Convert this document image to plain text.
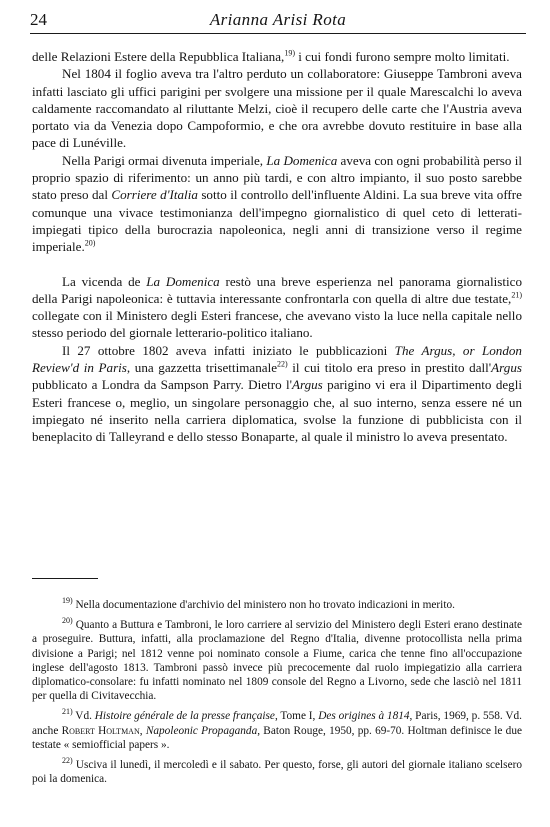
24	Arianna Arisi Rota

delle Relazioni Estere della Repubblica Italiana,$^{19)}$ i cui fondi furono sempre molto limitati.

Nel 1804 il foglio aveva tra l'altro perduto un collaboratore: Giuseppe Tambroni aveva infatti lasciato gli uffici parigini per svolgere una missione per il quale Marescalchi lo aveva caldamente raccomandato al riluttante Melzi, cioè il recupero delle carte che l'Austria aveva portato via da Venezia dopo Campoformio, e che ora avrebbe dovuto restituire in base alla pace di Lunéville.

Nella Parigi ormai divenuta imperiale, La Domenica aveva con ogni probabilità perso il proprio spazio di riferimento: un anno più tardi, e con altro impianto, il suo posto sarebbe stato preso dal Corriere d'Italia sotto il controllo dell'influente Aldini. La sua breve vita offre comunque una vivace testimonianza dell'impegno giornalistico di quel ceto di letterati-impiegati tipico della burocrazia napoleonica, negli anni di transizione verso il regime imperiale.$^{20)}$

La vicenda de La Domenica restò una breve esperienza nel panorama giornalistico della Parigi napoleonica: è tuttavia interessante confrontarla con quella di altre due testate,$^{21)}$ collegate con il Ministero degli Esteri francese, che avevano visto la luce nella capitale nello stesso periodo del giornale letterario-politico italiano.

Il 27 ottobre 1802 aveva infatti iniziato le pubblicazioni The Argus, or London Review'd in Paris, una gazzetta trisettimanale$^{22)}$ il cui titolo era preso in prestito dall'Argus pubblicato a Londra da Sampson Parry. Dietro l'Argus parigino vi era il Dipartimento degli Esteri francese o, meglio, un singolare personaggio che, al suo interno, senza essere né un impiegato né inserito nella carriera diplomatica, svolse la funzione di pubblicista con il beneplacito di Talleyrand e dello stesso Bonaparte, al quale il ministro lo aveva presentato.

$^{19)}$ Nella documentazione d'archivio del ministero non ho trovato indicazioni in merito.

$^{20)}$ Quanto a Buttura e Tambroni, le loro carriere al servizio del Ministero degli Esteri erano destinate a proseguire. Buttura, infatti, alla proclamazione del Regno d'Italia, divenne protocollista nella prima divisione a Parigi; nel 1812 venne poi nominato console a Fiume, carica che tenne fino all'occupazione inglese dell'agosto 1813. Tambroni passò invece più precocemente dal ruolo impiegatizio alla carriera diplomatico-consolare: fu infatti nominato nel 1809 console del Regno a Livorno, sede che lasciò nel 1811 per quella di Civitavecchia.

$^{21)}$ Vd. Histoire générale de la presse française, Tome I, Des origines à 1814, Paris, 1969, p. 558. Vd. anche Robert Holtman, Napoleonic Propaganda, Baton Rouge, 1950, pp. 69-70. Holtman definisce le due testate « semiofficial papers ».

$^{22)}$ Usciva il lunedì, il mercoledì e il sabato. Per questo, forse, gli autori del giornale italiano scelsero poi la domenica.
